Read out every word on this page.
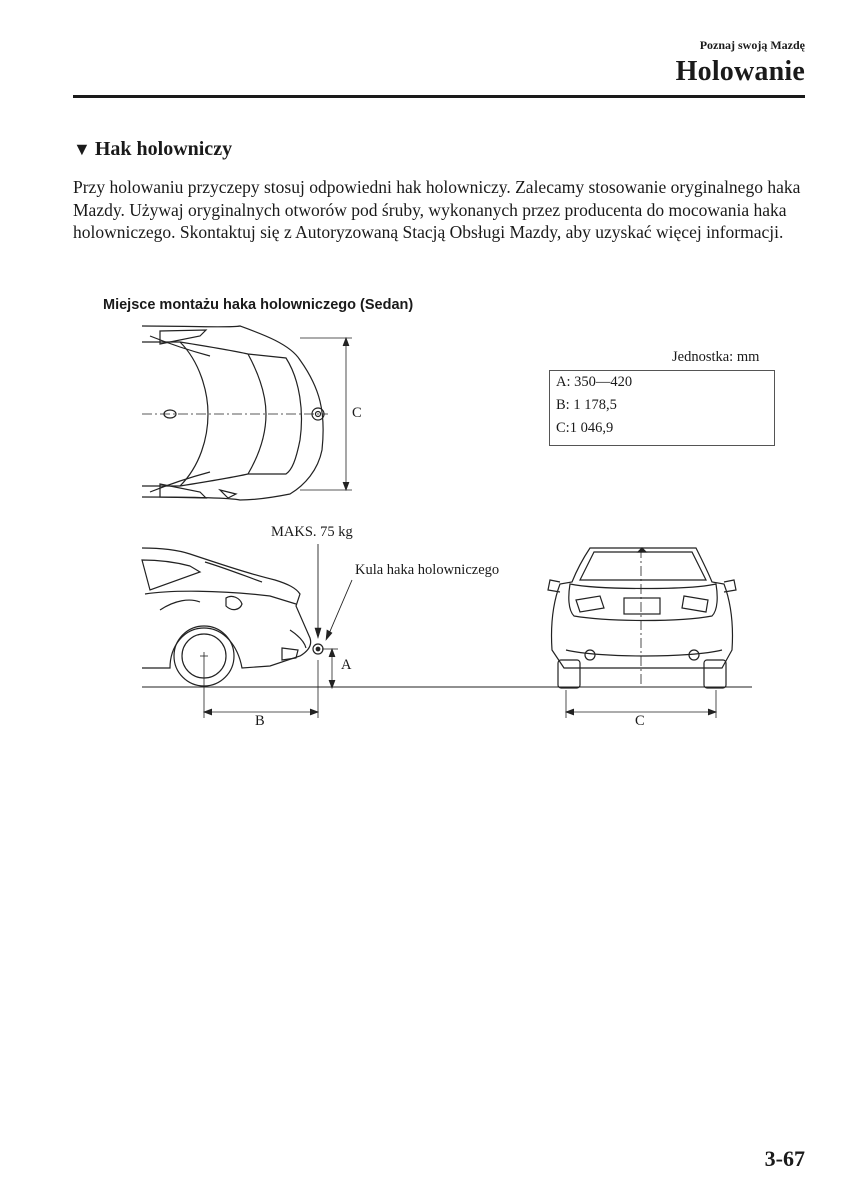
Poznaj swoją Mazdę
Holowanie
▼ Hak holowniczy
Przy holowaniu przyczepy stosuj odpowiedni hak holowniczy. Zalecamy stosowanie oryginalnego haka Mazdy. Używaj oryginalnych otworów pod śruby, wykonanych przez producenta do mocowania haka holowniczego. Skontaktuj się z Autoryzowaną Stacją Obsługi Mazdy, aby uzyskać więcej informacji.
Miejsce montażu haka holowniczego (Sedan)
Jednostka: mm
A: 350—420
B: 1 178,5
C:1 046,9
C
MAKS. 75 kg
Kula haka holowniczego
A
B	C
3-67
